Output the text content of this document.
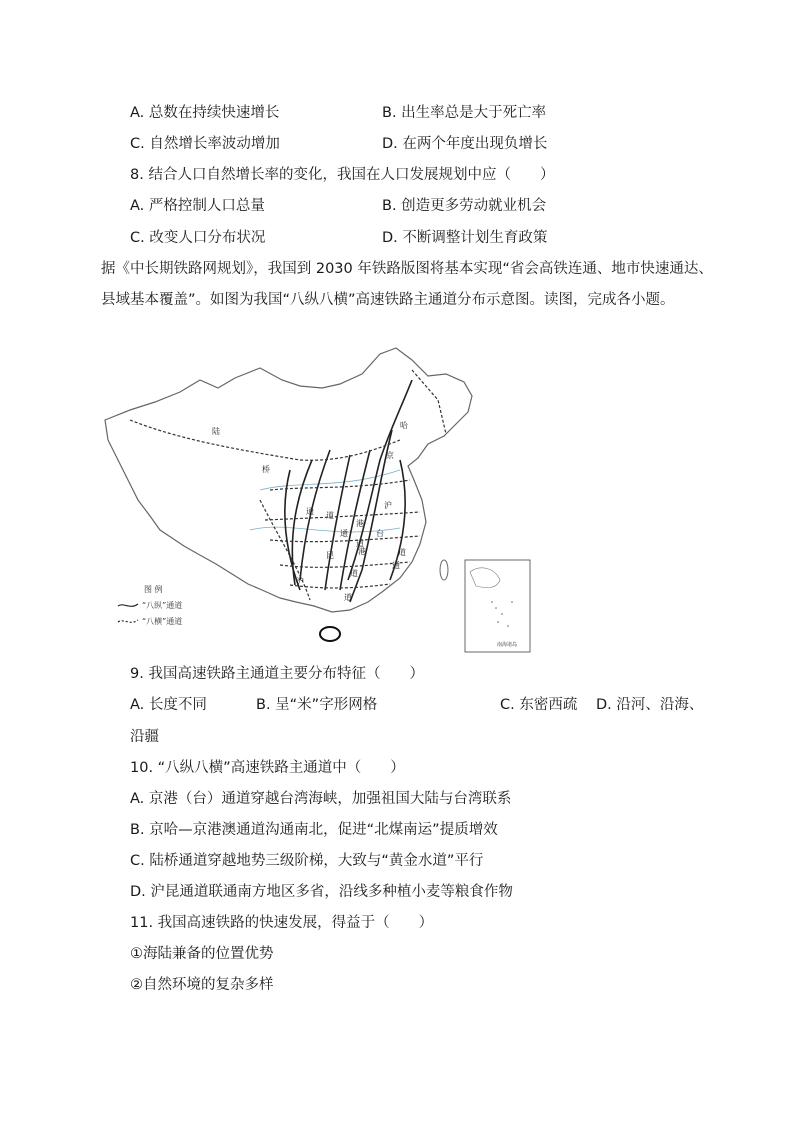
A. 总数在持续快速增长	B. 出生率总是大于死亡率
C. 自然增长率波动增加	D. 在两个年度出现负增长
8. 结合人口自然增长率的变化，我国在人口发展规划中应（　　）
A. 严格控制人口总量	B. 创造更多劳动就业机会
C. 改变人口分布状况	D. 不断调整计划生育政策
据《中长期铁路网规划》，我国到 2030 年铁路版图将基本实现“省会高铁连通、地市快速通达、
县域基本覆盖”。如图为我国“八纵八横”高速铁路主通道分布示意图。读图，完成各小题。
陆
桥
通 道
京
哈
沪
昆
港
台
沪
通
道
道
道
港
通
道
图 例
“八纵”通道
“八横”通道
南海诸岛
9. 我国高速铁路主通道主要分布特征（　　）
A. 长度不同	B. 呈“米”字形网格	C. 东密西疏 D. 沿河、沿海、
沿疆
10. “八纵八横”高速铁路主通道中（　　）
A. 京港（台）通道穿越台湾海峡，加强祖国大陆与台湾联系
B. 京哈—京港澳通道沟通南北，促进“北煤南运”提质增效
C. 陆桥通道穿越地势三级阶梯，大致与“黄金水道”平行
D. 沪昆通道联通南方地区多省，沿线多种植小麦等粮食作物
11. 我国高速铁路的快速发展，得益于（　　）
①海陆兼备的位置优势
②自然环境的复杂多样
